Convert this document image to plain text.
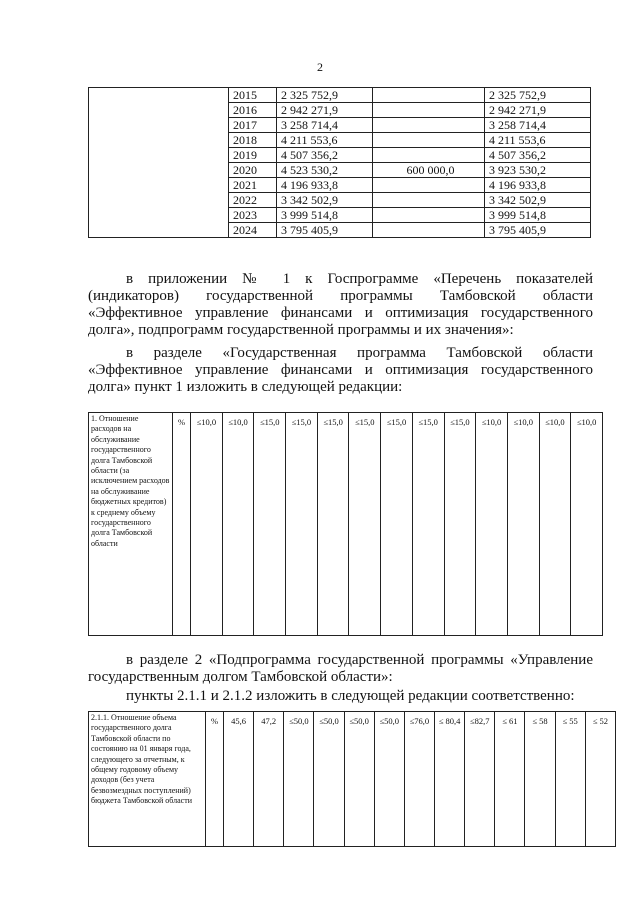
2
	2015	2 325 752,9		2 325 752,9
	2016	2 942 271,9		2 942 271,9
	2017	3 258 714,4		3 258 714,4
	2018	4 211 553,6		4 211 553,6
	2019	4 507 356,2		4 507 356,2
	2020	4 523 530,2	600 000,0	3 923 530,2
	2021	4 196 933,8		4 196 933,8
	2022	3 342 502,9		3 342 502,9
	2023	3 999 514,8		3 999 514,8
	2024	3 795 405,9		3 795 405,9
в приложении № 1 к Госпрограмме «Перечень показателей (индикаторов) государственной программы Тамбовской области «Эффективное управление финансами и оптимизация государственного долга», подпрограмм государственной программы и их значения»:
в разделе «Государственная программа Тамбовской области «Эффективное управление финансами и оптимизация государственного долга» пункт 1 изложить в следующей редакции:
1. Отношение расходов на обслуживание государственного долга Тамбовской области (за исключением расходов на обслуживание бюджетных кредитов) к среднему объему государственного долга Тамбовской области	%	≤10,0	≤10,0	≤15,0	≤15,0	≤15,0	≤15,0	≤15,0	≤15,0	≤15,0	≤10,0	≤10,0	≤10,0	≤10,0
в разделе 2 «Подпрограмма государственной программы «Управление государственным долгом Тамбовской области»:
пункты 2.1.1 и 2.1.2 изложить в следующей редакции соответственно:
2.1.1. Отношение объема государственного долга Тамбовской области по состоянию на 01 января года, следующего за отчетным, к общему годовому объему доходов (без учета безвозмездных поступлений) бюджета Тамбовской области	%	45,6	47,2	≤50,0	≤50,0	≤50,0	≤50,0	≤76,0	≤ 80,4	≤82,7	≤ 61	≤ 58	≤ 55	≤ 52
